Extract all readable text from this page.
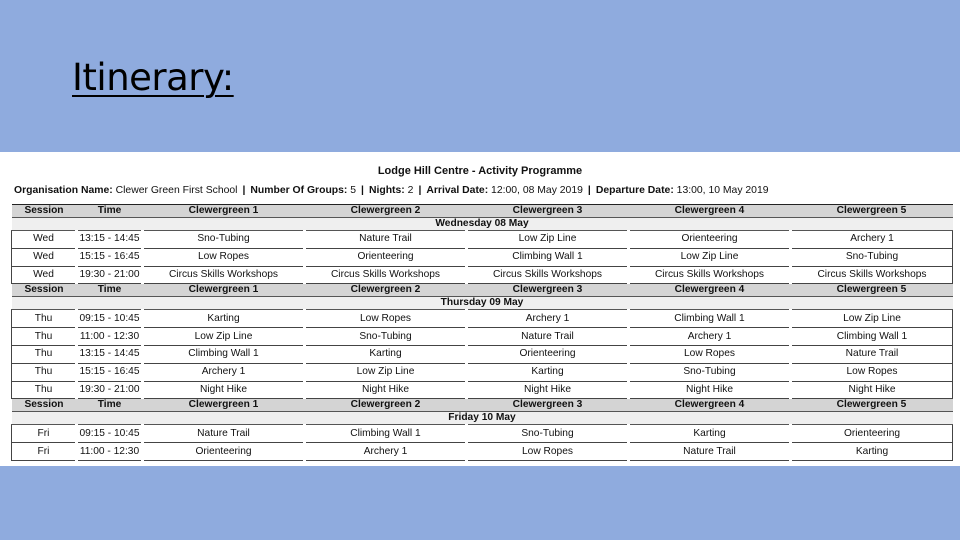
Itinerary:
Lodge Hill Centre - Activity Programme
Organisation Name: Clewer Green First School | Number Of Groups: 5 | Nights: 2 | Arrival Date: 12:00, 08 May 2019 | Departure Date: 13:00, 10 May 2019
Session	Time	Clewergreen 1	Clewergreen 2	Clewergreen 3	Clewergreen 4	Clewergreen 5
Wednesday 08 May						
Wed	13:15 - 14:45	Sno-Tubing	Nature Trail	Low Zip Line	Orienteering	Archery 1
Wed	15:15 - 16:45	Low Ropes	Orienteering	Climbing Wall 1	Low Zip Line	Sno-Tubing
Wed	19:30 - 21:00	Circus Skills Workshops	Circus Skills Workshops	Circus Skills Workshops	Circus Skills Workshops	Circus Skills Workshops
Session	Time	Clewergreen 1	Clewergreen 2	Clewergreen 3	Clewergreen 4	Clewergreen 5
Thursday 09 May						
Thu	09:15 - 10:45	Karting	Low Ropes	Archery 1	Climbing Wall 1	Low Zip Line
Thu	11:00 - 12:30	Low Zip Line	Sno-Tubing	Nature Trail	Archery 1	Climbing Wall 1
Thu	13:15 - 14:45	Climbing Wall 1	Karting	Orienteering	Low Ropes	Nature Trail
Thu	15:15 - 16:45	Archery 1	Low Zip Line	Karting	Sno-Tubing	Low Ropes
Thu	19:30 - 21:00	Night Hike	Night Hike	Night Hike	Night Hike	Night Hike
Session	Time	Clewergreen 1	Clewergreen 2	Clewergreen 3	Clewergreen 4	Clewergreen 5
Friday 10 May						
Fri	09:15 - 10:45	Nature Trail	Climbing Wall 1	Sno-Tubing	Karting	Orienteering
Fri	11:00 - 12:30	Orienteering	Archery 1	Low Ropes	Nature Trail	Karting
